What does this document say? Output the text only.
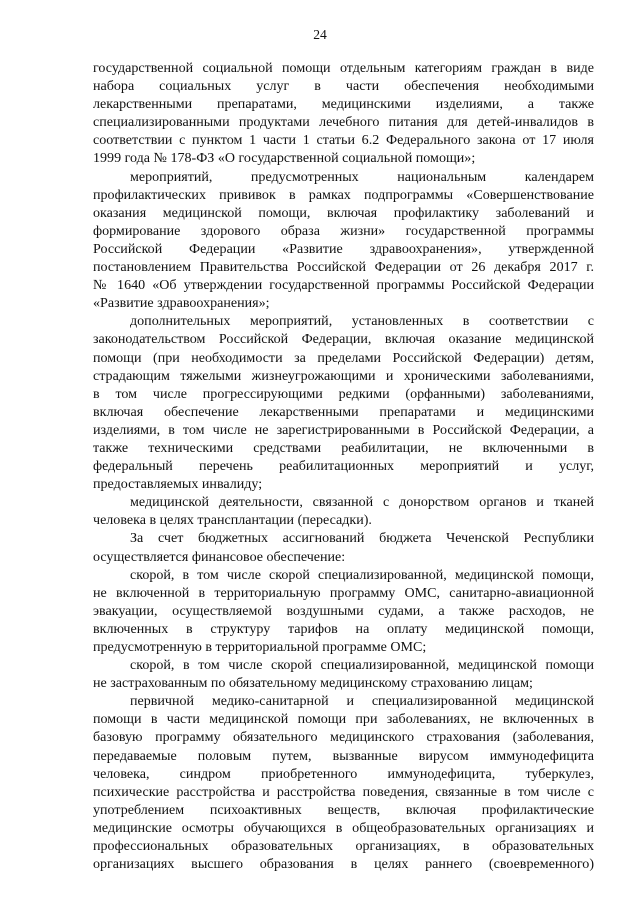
24
государственной социальной помощи отдельным категориям граждан в виде
набора социальных услуг в части обеспечения необходимыми
лекарственными препаратами, медицинскими изделиями, а также
специализированными продуктами лечебного питания для детей-инвалидов в
соответствии с пунктом 1 части 1 статьи 6.2 Федерального закона от 17 июля
1999 года № 178-ФЗ «О государственной социальной помощи»;
мероприятий, предусмотренных национальным календарем
профилактических прививок в рамках подпрограммы «Совершенствование
оказания медицинской помощи, включая профилактику заболеваний и
формирование здорового образа жизни» государственной программы
Российской Федерации «Развитие здравоохранения», утвержденной
постановлением Правительства Российской Федерации от 26 декабря 2017 г.
№ 1640 «Об утверждении государственной программы Российской Федерации
«Развитие здравоохранения»;
дополнительных мероприятий, установленных в соответствии с
законодательством Российской Федерации, включая оказание медицинской
помощи (при необходимости за пределами Российской Федерации) детям,
страдающим тяжелыми жизнеугрожающими и хроническими заболеваниями,
в том числе прогрессирующими редкими (орфанными) заболеваниями,
включая обеспечение лекарственными препаратами и медицинскими
изделиями, в том числе не зарегистрированными в Российской Федерации, а
также техническими средствами реабилитации, не включенными в
федеральный перечень реабилитационных мероприятий и услуг,
предоставляемых инвалиду;
медицинской деятельности, связанной с донорством органов и тканей
человека в целях трансплантации (пересадки).
За счет бюджетных ассигнований бюджета Чеченской Республики
осуществляется финансовое обеспечение:
скорой, в том числе скорой специализированной, медицинской помощи,
не включенной в территориальную программу ОМС, санитарно-авиационной
эвакуации, осуществляемой воздушными судами, а также расходов, не
включенных в структуру тарифов на оплату медицинской помощи,
предусмотренную в территориальной программе ОМС;
скорой, в том числе скорой специализированной, медицинской помощи
не застрахованным по обязательному медицинскому страхованию лицам;
первичной медико-санитарной и специализированной медицинской
помощи в части медицинской помощи при заболеваниях, не включенных в
базовую программу обязательного медицинского страхования (заболевания,
передаваемые половым путем, вызванные вирусом иммунодефицита
человека, синдром приобретенного иммунодефицита, туберкулез,
психические расстройства и расстройства поведения, связанные в том числе с
употреблением психоактивных веществ, включая профилактические
медицинские осмотры обучающихся в общеобразовательных организациях и
профессиональных образовательных организациях, в образовательных
организациях высшего образования в целях раннего (своевременного)
